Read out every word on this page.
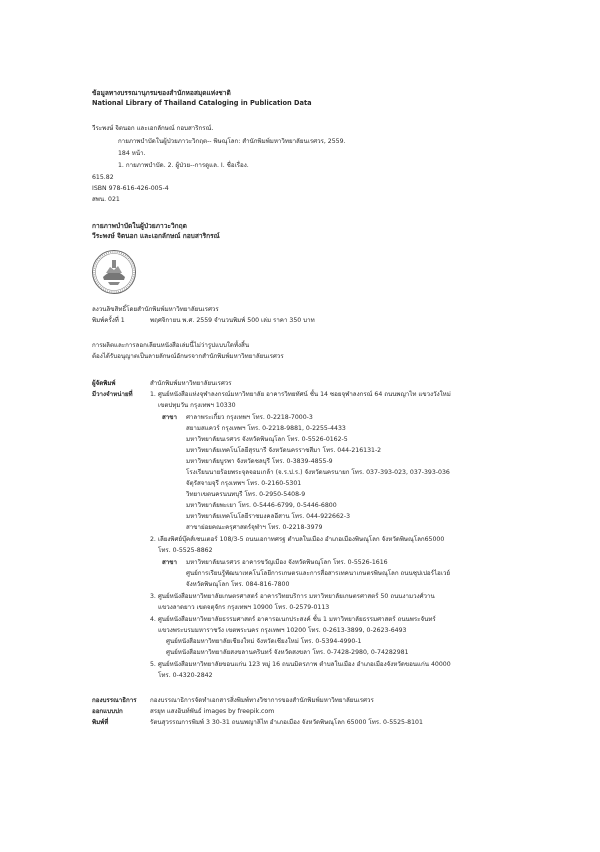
ข้อมูลทางบรรณานุกรมของสำนักหอสมุดแห่งชาติ
National Library of Thailand Cataloging in Publication Data
วีระพงษ์ จิตนอก และเอกลักษณ์ กอบสาริกรณ์.
กายภาพบำบัดในผู้ป่วยภาวะวิกฤต-- พิษณุโลก: สำนักพิมพ์มหาวิทยาลัยนเรศวร, 2559.
184 หน้า.
1. กายภาพบำบัด. 2. ผู้ป่วย--การดูแล. I. ชื่อเรื่อง.
615.82
ISBN 978-616-426-005-4
สพน. 021
กายภาพบำบัดในผู้ป่วยภาวะวิกฤต
วีระพงษ์ จิตนอก และเอกลักษณ์ กอบสาริกรณ์
ลงวนลิขสิทธิ์โดยสำนักพิมพ์มหาวิทยาลัยนเรศวร
พิมพ์ครั้งที่ 1	พฤศจิกายน พ.ศ. 2559 จำนวนพิมพ์ 500 เล่ม ราคา 350 บาท
การผลิตและการลอกเลียนหนังสือเล่มนี้ไม่ว่ารูปแบบใดทั้งสิ้น
ต้องได้รับอนุญาตเป็นลายลักษณ์อักษรจากสำนักพิมพ์มหาวิทยาลัยนเรศวร
ผู้จัดพิมพ์	สำนักพิมพ์มหาวิทยาลัยนเรศวร
มีวางจำหน่ายที่	1. ศูนย์หนังสือแห่งจุฬาลงกรณ์มหาวิทยาลัย อาคารวิทยทัศน์ ชั้น 14 ซอยจุฬาลงกรณ์ 64 ถนนพญาไท แขวงวังใหม่
เขตปทุมวัน กรุงเทพฯ 10330
สาขา ศาลาพระเกี้ยว กรุงเทพฯ โทร. 0-2218-7000-3
สยามสแควร์ กรุงเทพฯ โทร. 0-2218-9881, 0-2255-4433
มหาวิทยาลัยนเรศวร จังหวัดพิษณุโลก โทร. 0-5526-0162-5
มหาวิทยาลัยเทคโนโลยีสุรนารี จังหวัดนครราชสีมา โทร. 044-216131-2
มหาวิทยาลัยบูรพา จังหวัดชลบุรี โทร. 0-3839-4855-9
โรงเรียนนายร้อยพระจุลจอมเกล้า (จ.ร.ป.ร.) จังหวัดนครนายก โทร. 037-393-023, 037-393-036
จัตุรัสจามจุรี กรุงเทพฯ โทร. 0-2160-5301
วิทยาเขตนครนนทบุรี โทร. 0-2950-5408-9
มหาวิทยาลัยพะเยา โทร. 0-5446-6799, 0-5446-6800
มหาวิทยาลัยเทคโนโลยีราชมงคลอีสาน โทร. 044-922662-3
สาขาย่อยคณะครุศาสตร์จุฬาฯ โทร. 0-2218-3979
2. เลียงพิศย์บุ๊คส์เซนเตอร์ 108/3-5 ถนนเอกาทศรฐ ตำบลในเมือง อำเภอเมืองพิษณุโลก จังหวัดพิษณุโลก65000
โทร. 0-5525-8862
สาขา มหาวิทยาลัยนเรศวร อาคารขวัญเมือง จังหวัดพิษณุโลก โทร. 0-5526-1616
ศูนย์การเรียนรู้พัฒนาเทคโนโลยีการเกษตรและการสื่อสารเทคนาเกษตรพิษณุโลก ถนนซุปเปอร์ไฮเวย์
จังหวัดพิษณุโลก โทร. 084-816-7800
3. ศูนย์หนังสือมหาวิทยาลัยเกษตรศาสตร์ อาคารวิทยบริการ มหาวิทยาลัยเกษตรศาสตร์ 50 ถนนงามวงศ์วาน
แขวงลาดยาว เขตจตุจักร กรุงเทพฯ 10900 โทร. 0-2579-0113
4. ศูนย์หนังสือมหาวิทยาลัยธรรมศาสตร์ อาคารอเนกประสงค์ ชั้น 1 มหาวิทยาลัยธรรมศาสตร์ ถนนพระจันทร์
แขวงพระบรมมหาราชวัง เขตพระนคร กรุงเทพฯ 10200 โทร. 0-2613-3899, 0-2623-6493
ศูนย์หนังสือมหาวิทยาลัยเชียงใหม่ จังหวัดเชียงใหม่ โทร. 0-5394-4990-1
ศูนย์หนังสือมหาวิทยาลัยสงขลานครินทร์ จังหวัดสงขลา โทร. 0-7428-2980, 0-74282981
5. ศูนย์หนังสือมหาวิทยาลัยขอนแก่น 123 หมู่ 16 ถนนมิตรภาพ ตำบลในเมือง อำเภอเมืองจังหวัดขอนแก่น 40000
โทร. 0-4320-2842
กองบรรณาธิการ กองบรรณาธิการจัดทำเอกสารสิ่งพิมพ์ทางวิชาการของสำนักพิมพ์มหาวิทยาลัยนเรศวร
ออกแบบปก	สรยุท แสงอินท์พันธ์ images by freepik.com
พิมพ์ที่	รัตนสุวรรณการพิมพ์ 3 30-31 ถนนพญาลิไท อำเภอเมือง จังหวัดพิษณุโลก 65000 โทร. 0-5525-8101
